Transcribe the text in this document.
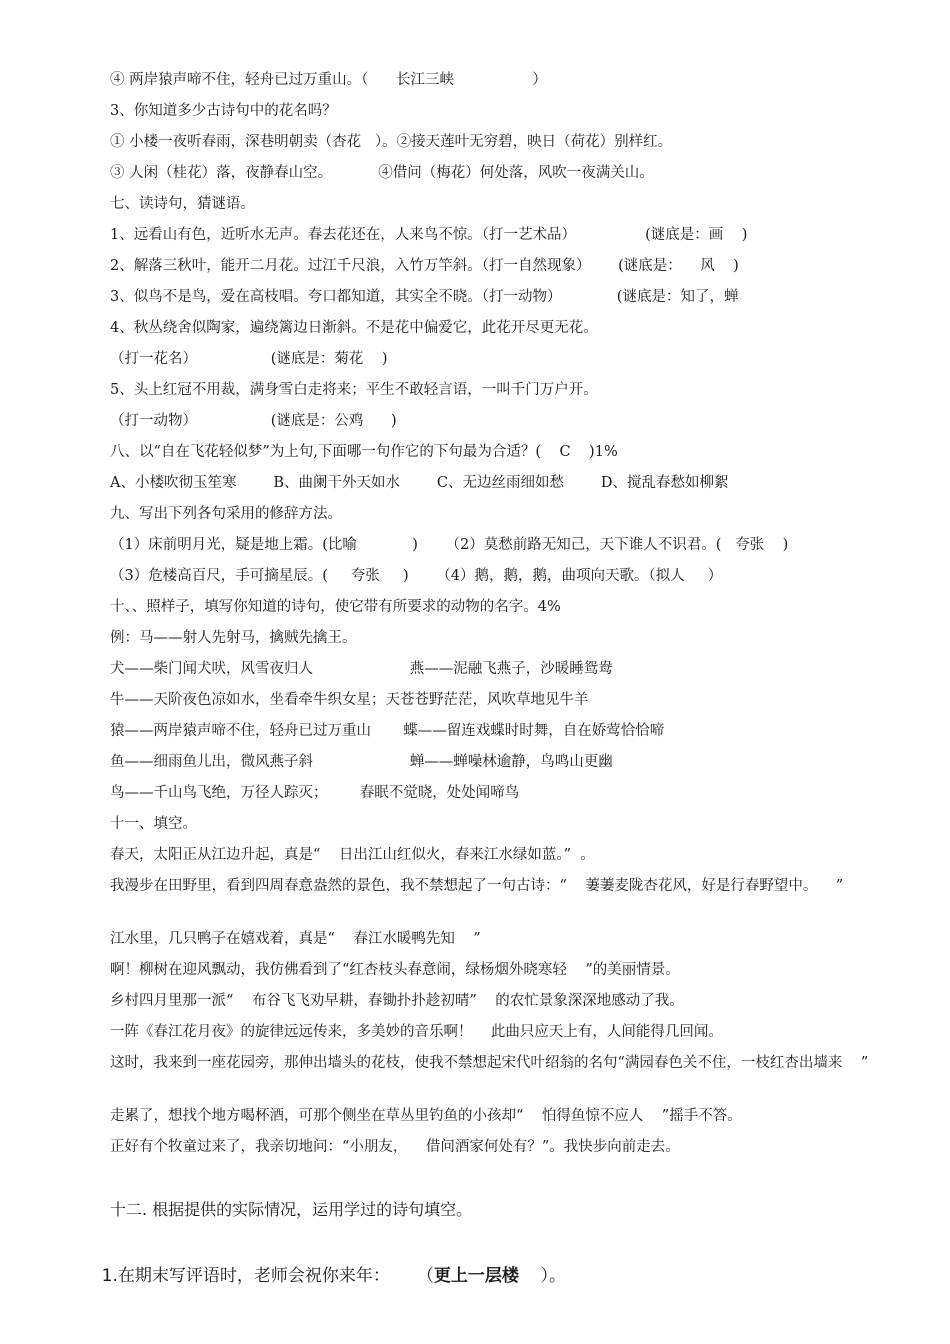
④ 两岸猿声啼不住，轻舟已过万重山。（      长江三峡                 ）
3、你知道多少古诗句中的花名吗？
① 小楼一夜听春雨，深巷明朝卖（杏花   ）。②接天莲叶无穷碧，映日（荷花）别样红。
③ 人闲（桂花）落，夜静春山空。          ④借问（梅花）何处落，风吹一夜满关山。
七、读诗句，猜谜语。
1、远看山有色，近听水无声。春去花还在，人来鸟不惊。（打一艺术品）               (谜底是：画    )
2、解落三秋叶，能开二月花。过江千尺浪，入竹万竿斜。（打一自然现象）      (谜底是：    风    )
3、似鸟不是鸟，爱在高枝唱。夸口都知道，其实全不晓。（打一动物）            (谜底是：知了，蝉
4、秋丛绕舍似陶家，遍绕篱边日渐斜。不是花中偏爱它，此花开尽更无花。
（打一花名）                (谜底是：菊花    )
5、头上红冠不用裁，满身雪白走将来；平生不敢轻言语，一叫千门万户开。
（打一动物）                (谜底是：公鸡      )
八、以“自在飞花轻似梦”为上句,下面哪一句作它的下句最为合适？(    C    )1%
A、小楼吹彻玉笙寒        B、曲阑干外天如水        C、无边丝雨细如愁        D、搅乱春愁如柳絮
九、写出下列各句采用的修辞方法。
（1）床前明月光，疑是地上霜。(比喻            )      （2）莫愁前路无知己，天下谁人不识君。(   夸张    )
（3）危楼高百尺，手可摘星辰。(     夸张     )      （4）鹅，鹅，鹅，曲项向天歌。（拟人     ）
十、、照样子，填写你知道的诗句，使它带有所要求的动物的名字。4%
例：马——射人先射马，擒贼先擒王。
犬——柴门闻犬吠，风雪夜归人                     燕——泥融飞燕子，沙暖睡鸳鸯
牛——天阶夜色凉如水，坐看牵牛织女星；天苍苍野茫茫，风吹草地见牛羊
猿——两岸猿声啼不住，轻舟已过万重山       蝶——留连戏蝶时时舞，自在娇莺恰恰啼
鱼——细雨鱼儿出，微风燕子斜                     蝉——蝉噪林逾静，鸟鸣山更幽
鸟——千山鸟飞绝，万径人踪灭；       春眠不觉晓，处处闻啼鸟
十一、填空。
春天，太阳正从江边升起，真是“    日出江山红似火，春来江水绿如蓝。”  。
我漫步在田野里，看到四周春意盎然的景色，我不禁想起了一句古诗：“    萋萋麦陇杏花风，好是行春野望中。    ”
江水里，几只鸭子在嬉戏着，真是“    春江水暖鸭先知    ”
啊！柳树在迎风飘动，我仿佛看到了“红杏枝头春意闹，绿杨烟外晓寒轻    ”的美丽情景。
乡村四月里那一派“    布谷飞飞劝早耕，春锄扑扑趁初晴”    的农忙景象深深地感动了我。
一阵《春江花月夜》的旋律远远传来，多美妙的音乐啊！    此曲只应天上有，人间能得几回闻。
这时，我来到一座花园旁，那伸出墙头的花枝，使我不禁想起宋代叶绍翁的名句“满园春色关不住，一枝红杏出墙来    ”
走累了，想找个地方喝杯酒，可那个侧坐在草丛里钓鱼的小孩却“    怕得鱼惊不应人    ”摇手不答。
正好有个牧童过来了，我亲切地问：“小朋友，    借问酒家何处有？”。我快步向前走去。
十二. 根据提供的实际情况，运用学过的诗句填空。

1.在期末写评语时，老师会祝你来年：     （更上一层楼    ）。
